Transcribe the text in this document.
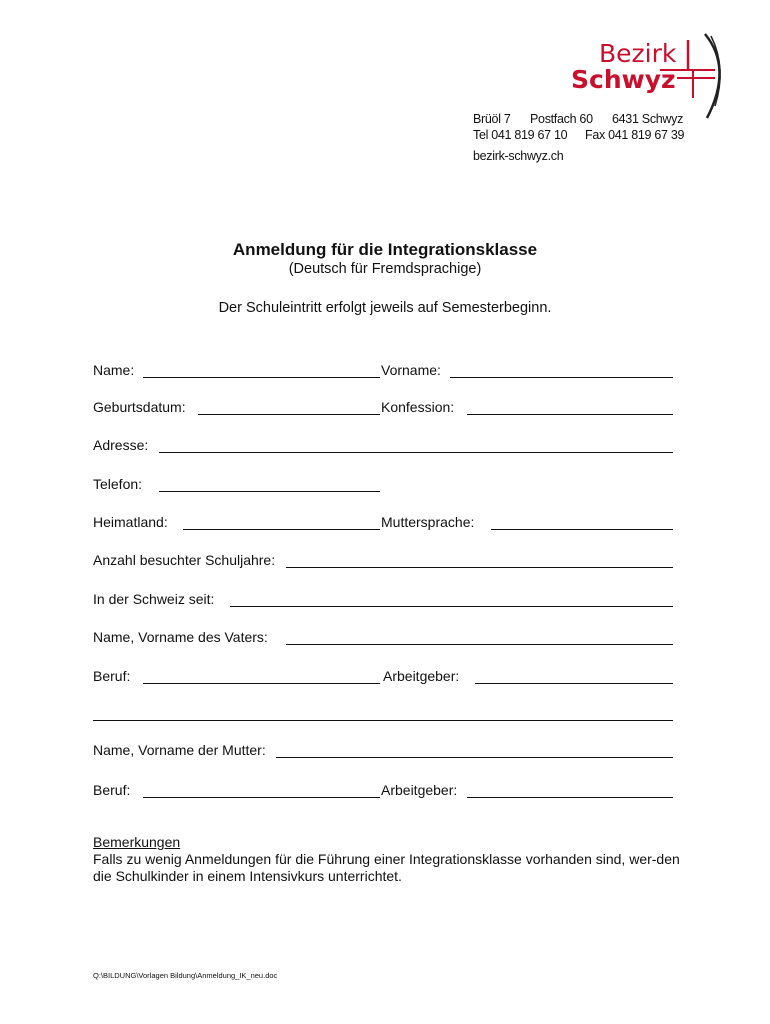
Bezirk
Schwyz
Brüöl 7 Postfach 60 6431 Schwyz
Tel 041 819 67 10 Fax 041 819 67 39
bezirk-schwyz.ch
Anmeldung für die Integrationsklasse
(Deutsch für Fremdsprachige)
Der Schuleintritt erfolgt jeweils auf Semesterbeginn.
Name:	Vorname:
Geburtsdatum:	Konfession:
Adresse:
Telefon:
Heimatland:	Muttersprache:
Anzahl besuchter Schuljahre:
In der Schweiz seit:
Name, Vorname des Vaters:
Beruf:	Arbeitgeber:
Name, Vorname der Mutter:
Beruf:	Arbeitgeber:
Bemerkungen
Falls zu wenig Anmeldungen für die Führung einer Integrationsklasse vorhanden sind, wer-den die Schulkinder in einem Intensivkurs unterrichtet.
Q:\BILDUNG\Vorlagen Bildung\Anmeldung_IK_neu.doc
